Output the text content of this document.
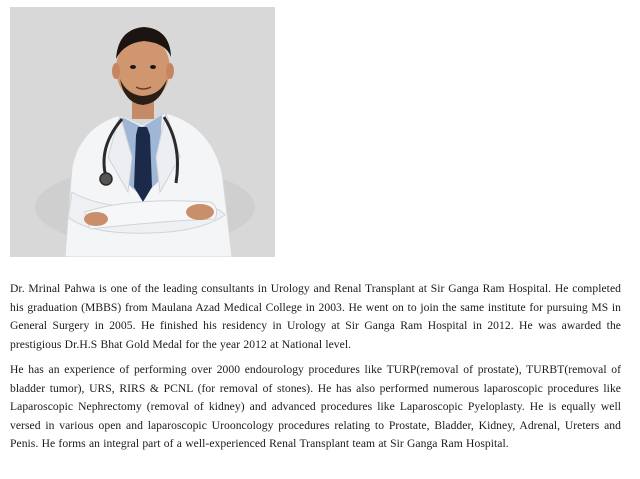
Dr. Mrinal Pahwa is one of the leading consultants in Urology and Renal Transplant at Sir Ganga Ram Hospital. He completed his graduation (MBBS) from Maulana Azad Medical College in 2003. He went on to join the same institute for pursuing MS in General Surgery in 2005. He finished his residency in Urology at Sir Ganga Ram Hospital in 2012. He was awarded the prestigious Dr.H.S Bhat Gold Medal for the year 2012 at National level.

He has an experience of performing over 2000 endourology procedures like TURP(removal of prostate), TURBT(removal of bladder tumor), URS, RIRS & PCNL (for removal of stones). He has also performed numerous laparoscopic procedures like Laparoscopic Nephrectomy (removal of kidney) and advanced procedures like Laparoscopic Pyeloplasty. He is equally well versed in various open and laparoscopic Urooncology procedures relating to Prostate, Bladder, Kidney, Adrenal, Ureters and Penis. He forms an integral part of a well-experienced Renal Transplant team at Sir Ganga Ram Hospital.
